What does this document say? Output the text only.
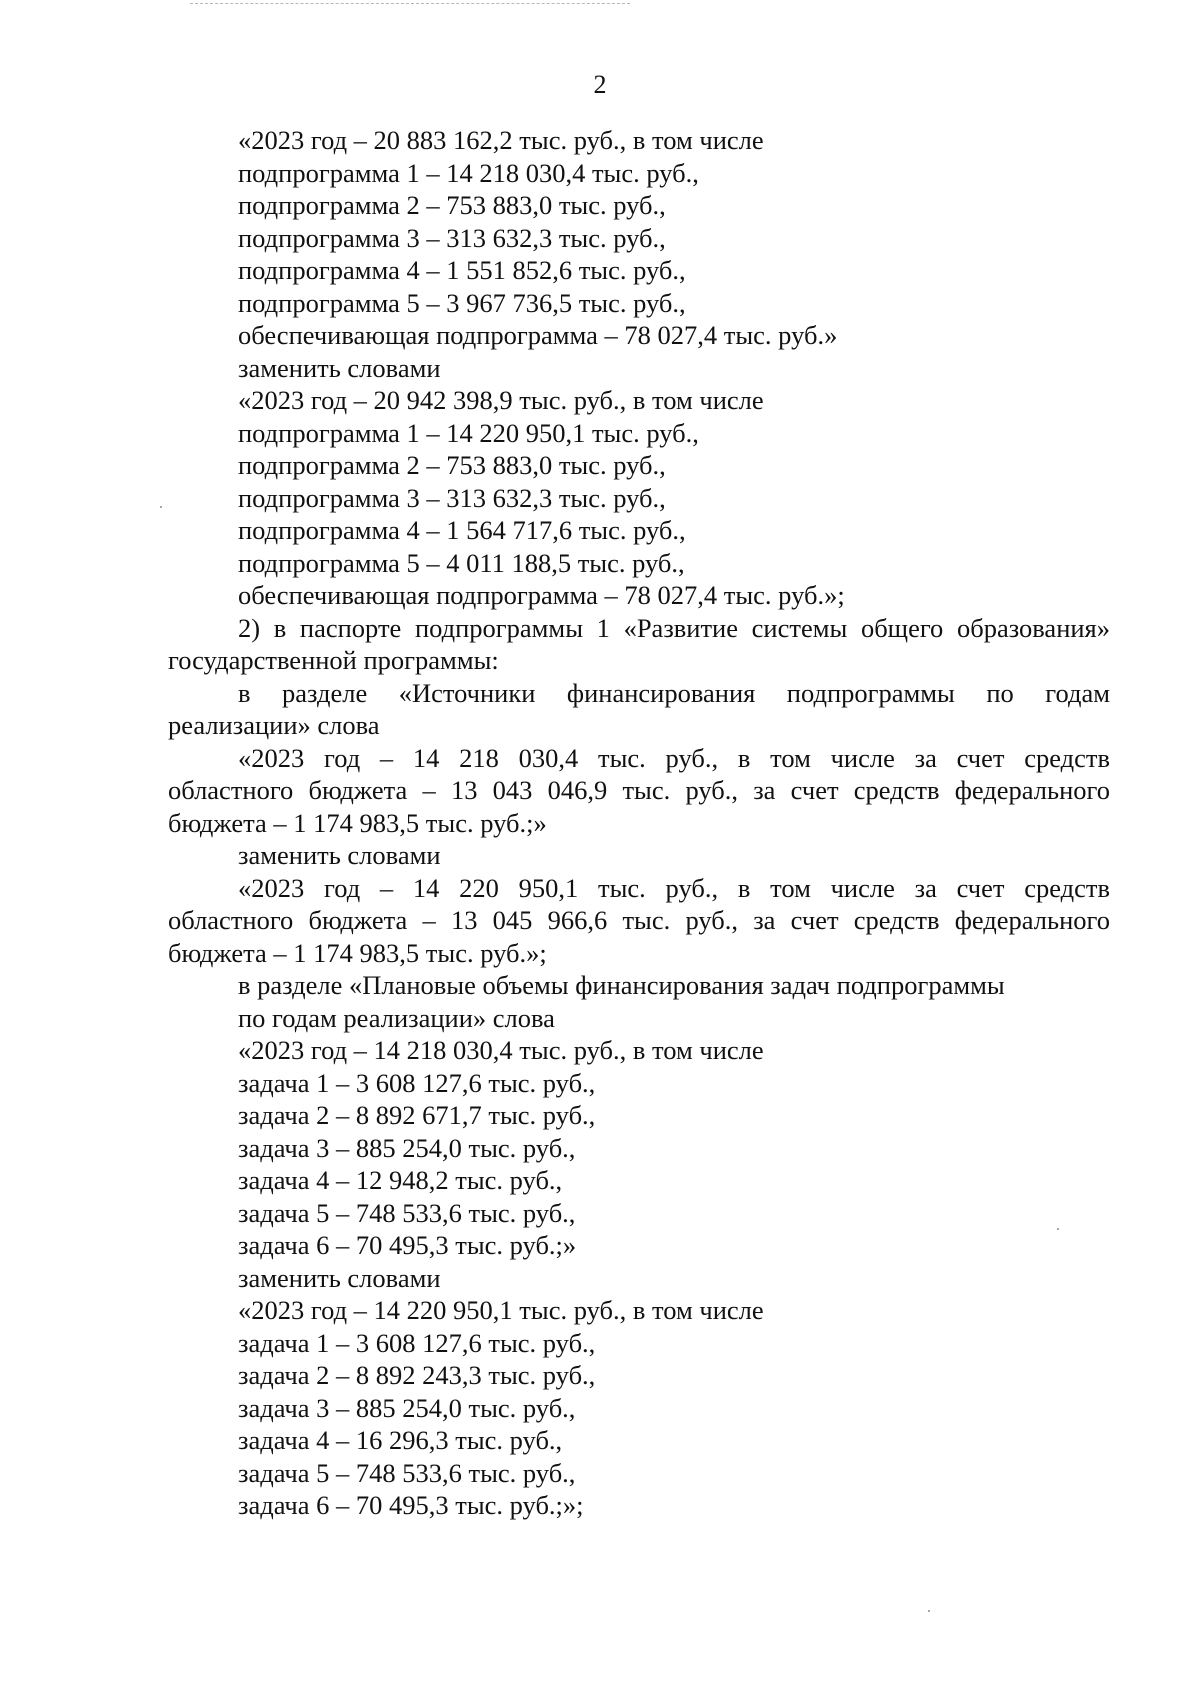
2
«2023 год – 20 883 162,2 тыс. руб., в том числе
подпрограмма 1 – 14 218 030,4 тыс. руб.,
подпрограмма 2 – 753 883,0 тыс. руб.,
подпрограмма 3 – 313 632,3 тыс. руб.,
подпрограмма 4 – 1 551 852,6 тыс. руб.,
подпрограмма 5 – 3 967 736,5 тыс. руб.,
обеспечивающая подпрограмма – 78 027,4 тыс. руб.»
заменить словами
«2023 год – 20 942 398,9 тыс. руб., в том числе
подпрограмма 1 – 14 220 950,1 тыс. руб.,
подпрограмма 2 – 753 883,0 тыс. руб.,
подпрограмма 3 – 313 632,3 тыс. руб.,
подпрограмма 4 – 1 564 717,6 тыс. руб.,
подпрограмма 5 – 4 011 188,5 тыс. руб.,
обеспечивающая подпрограмма – 78 027,4 тыс. руб.»;
2) в паспорте подпрограммы 1 «Развитие системы общего образования»
государственной программы:
в разделе «Источники финансирования подпрограммы по годам
реализации» слова
«2023 год – 14 218 030,4 тыс. руб., в том числе за счет средств
областного бюджета – 13 043 046,9 тыс. руб., за счет средств федерального
бюджета – 1 174 983,5 тыс. руб.;»
заменить словами
«2023 год – 14 220 950,1 тыс. руб., в том числе за счет средств
областного бюджета – 13 045 966,6 тыс. руб., за счет средств федерального
бюджета – 1 174 983,5 тыс. руб.»;
в разделе «Плановые объемы финансирования задач подпрограммы
по годам реализации» слова
«2023 год – 14 218 030,4 тыс. руб., в том числе
задача 1 – 3 608 127,6 тыс. руб.,
задача 2 – 8 892 671,7 тыс. руб.,
задача 3 – 885 254,0 тыс. руб.,
задача 4 – 12 948,2 тыс. руб.,
задача 5 – 748 533,6 тыс. руб.,
задача 6 – 70 495,3 тыс. руб.;»
заменить словами
«2023 год – 14 220 950,1 тыс. руб., в том числе
задача 1 – 3 608 127,6 тыс. руб.,
задача 2 – 8 892 243,3 тыс. руб.,
задача 3 – 885 254,0 тыс. руб.,
задача 4 – 16 296,3 тыс. руб.,
задача 5 – 748 533,6 тыс. руб.,
задача 6 – 70 495,3 тыс. руб.;»;
